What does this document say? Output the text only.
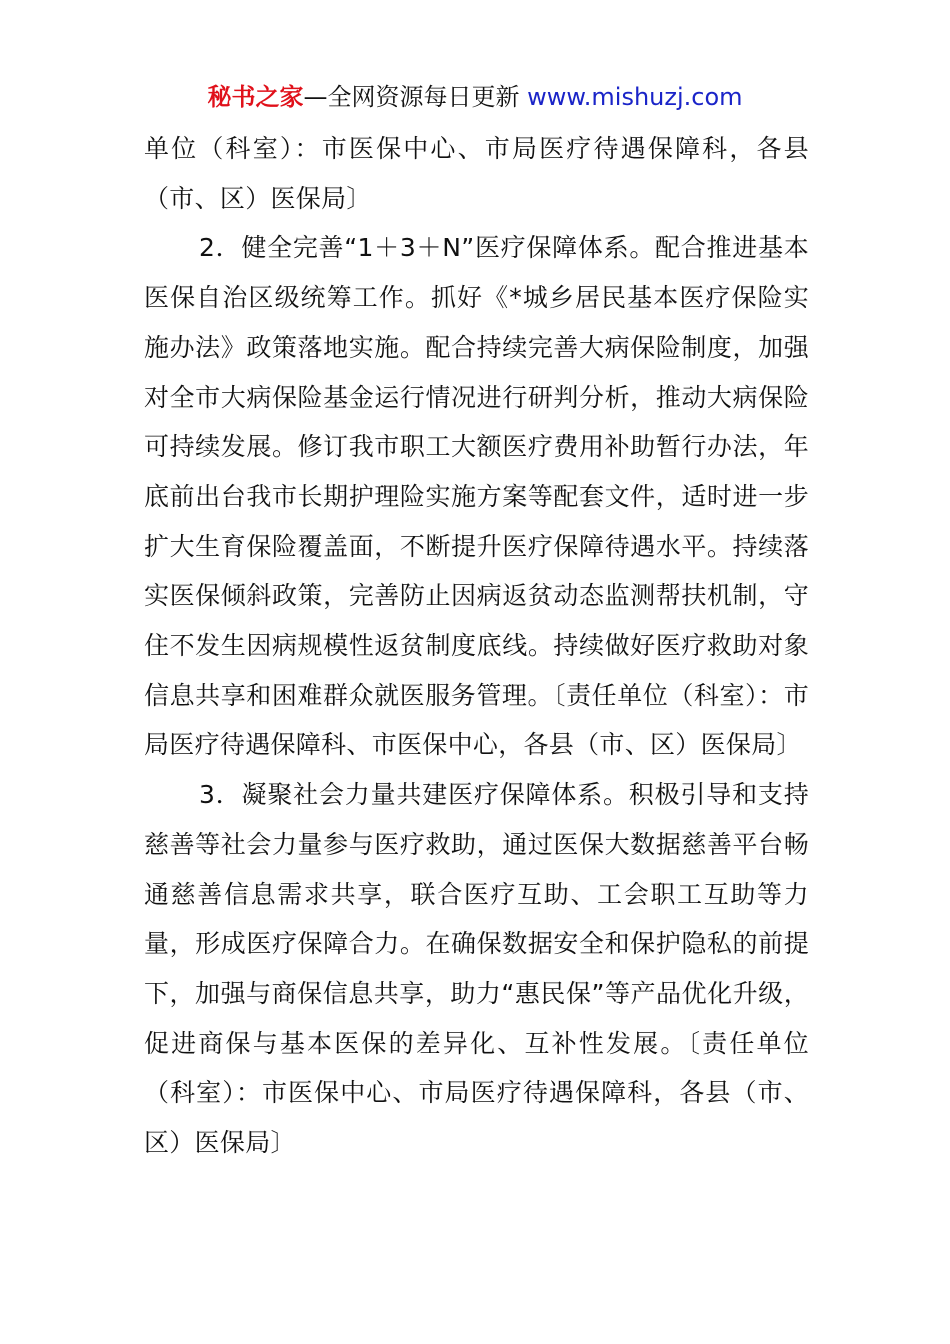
秘书之家—全网资源每日更新 www.mishuzj.com

单位（科室）：市医保中心、市局医疗待遇保障科，各县（市、区）医保局〕

2．健全完善“1＋3＋N”医疗保障体系。配合推进基本医保自治区级统筹工作。抓好《*城乡居民基本医疗保险实施办法》政策落地实施。配合持续完善大病保险制度，加强对全市大病保险基金运行情况进行研判分析，推动大病保险可持续发展。修订我市职工大额医疗费用补助暂行办法，年底前出台我市长期护理险实施方案等配套文件，适时进一步扩大生育保险覆盖面，不断提升医疗保障待遇水平。持续落实医保倾斜政策，完善防止因病返贫动态监测帮扶机制，守住不发生因病规模性返贫制度底线。持续做好医疗救助对象信息共享和困难群众就医服务管理。〔责任单位（科室）：市局医疗待遇保障科、市医保中心，各县（市、区）医保局〕

3．凝聚社会力量共建医疗保障体系。积极引导和支持慈善等社会力量参与医疗救助，通过医保大数据慈善平台畅通慈善信息需求共享，联合医疗互助、工会职工互助等力量，形成医疗保障合力。在确保数据安全和保护隐私的前提下，加强与商保信息共享，助力“惠民保”等产品优化升级，促进商保与基本医保的差异化、互补性发展。〔责任单位（科室）：市医保中心、市局医疗待遇保障科，各县（市、区）医保局〕
